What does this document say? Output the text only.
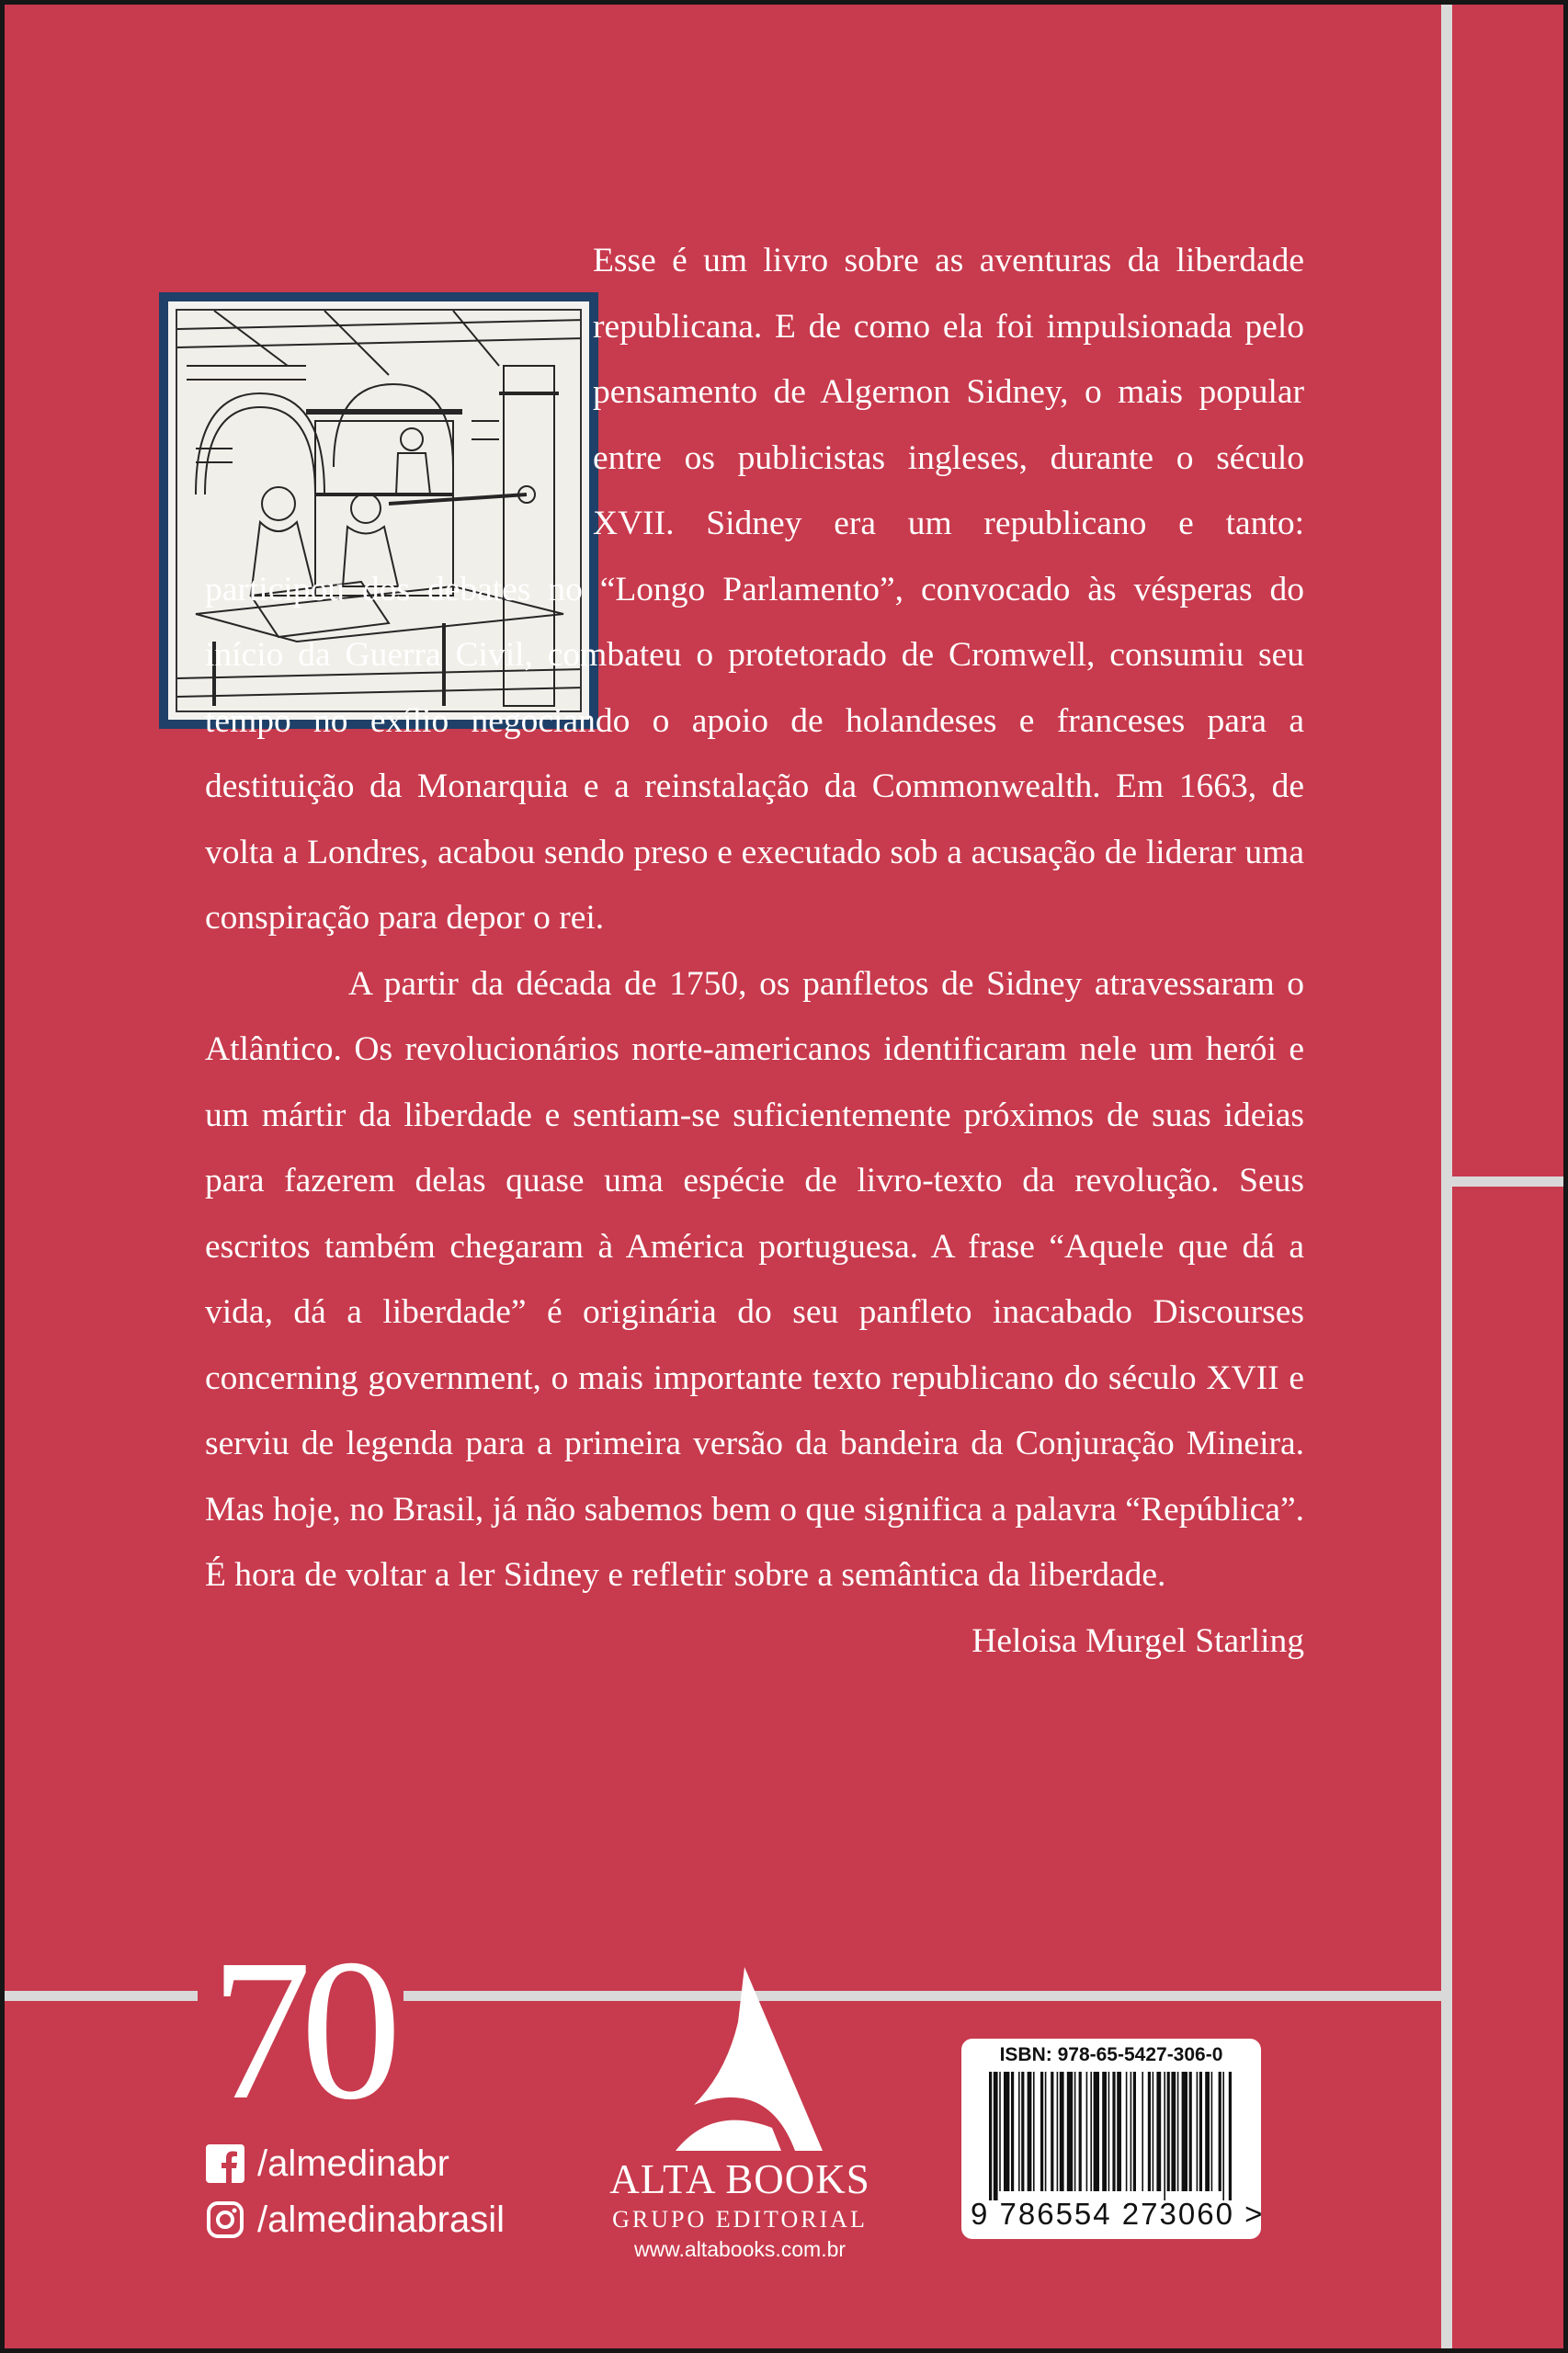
Esse é um livro sobre as aventuras da liberdade republicana. E de como ela foi impulsionada pelo pensamento de Algernon Sidney, o mais popular entre os publicistas ingleses, durante o século XVII. Sidney era um republicano e tanto: participou dos debates no “Longo Parlamento”, convocado às vésperas do início da Guerra Civil, combateu o protetorado de Cromwell, consumiu seu tempo no exílio negociando o apoio de holandeses e franceses para a destituição da Monarquia e a reinstalação da Commonwealth. Em 1663, de volta a Londres, acabou sendo preso e executado sob a acusação de liderar uma conspiração para depor o rei.

A partir da década de 1750, os panfletos de Sidney atravessaram o Atlântico. Os revolucionários norte-americanos identificaram nele um herói e um mártir da liberdade e sentiam-se suficientemente próximos de suas ideias para fazerem delas quase uma espécie de livro-texto da revolução. Seus escritos também chegaram à América portuguesa. A frase “Aquele que dá a vida, dá a liberdade” é originária do seu panfleto inacabado Discourses concerning government, o mais importante texto republicano do século XVII e serviu de legenda para a primeira versão da bandeira da Conjuração Mineira. Mas hoje, no Brasil, já não sabemos bem o que significa a palavra “República”. É hora de voltar a ler Sidney e refletir sobre a semântica da liberdade.

Heloisa Murgel Starling

70
/almedinabr
/almedinabrasil
ALTA BOOKS
GRUPO EDITORIAL
www.altabooks.com.br
ISBN: 978-65-5427-306-0
9 786554 273060 >
